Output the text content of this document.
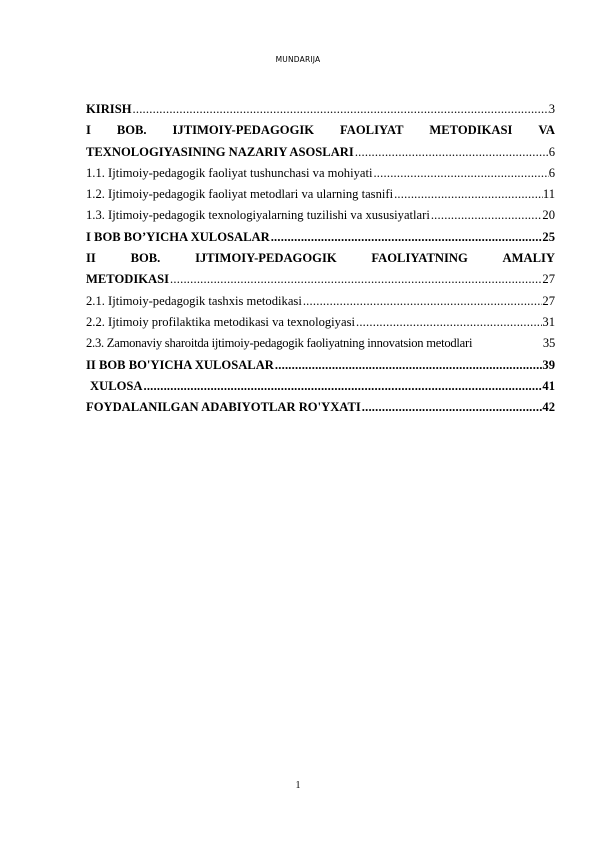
MUNDARIJA
KIRISH .....	3
I BOB. IJTIMOIY-PEDAGOGIK FAOLIYAT METODIKASI VA
TEXNOLOGIYASINING NAZARIY ASOSLARI .....	6
1.1. Ijtimoiy-pedagogik faoliyat tushunchasi va mohiyati .....	6
1.2. Ijtimoiy-pedagogik faoliyat metodlari va ularning tasnifi .....	11
1.3. Ijtimoiy-pedagogik texnologiyalarning tuzilishi va xususiyatlari .....	20
I BOB BO’YICHA XULOSALAR .....	25
II	BOB.	IJTIMOIY-PEDAGOGIK	FAOLIYATNING	AMALIY
METODIKASI .....	27
2.1. Ijtimoiy-pedagogik tashxis metodikasi .....	27
2.2. Ijtimoiy profilaktika metodikasi va texnologiyasi .....	31
2.3. Zamonaviy sharoitda ijtimoiy-pedagogik faoliyatning innovatsion metodlari	35
II BOB BO'YICHA XULOSALAR .....	39
XULOSA .....	41
FOYDALANILGAN ADABIYOTLAR RO'YXATI .....	42
1
